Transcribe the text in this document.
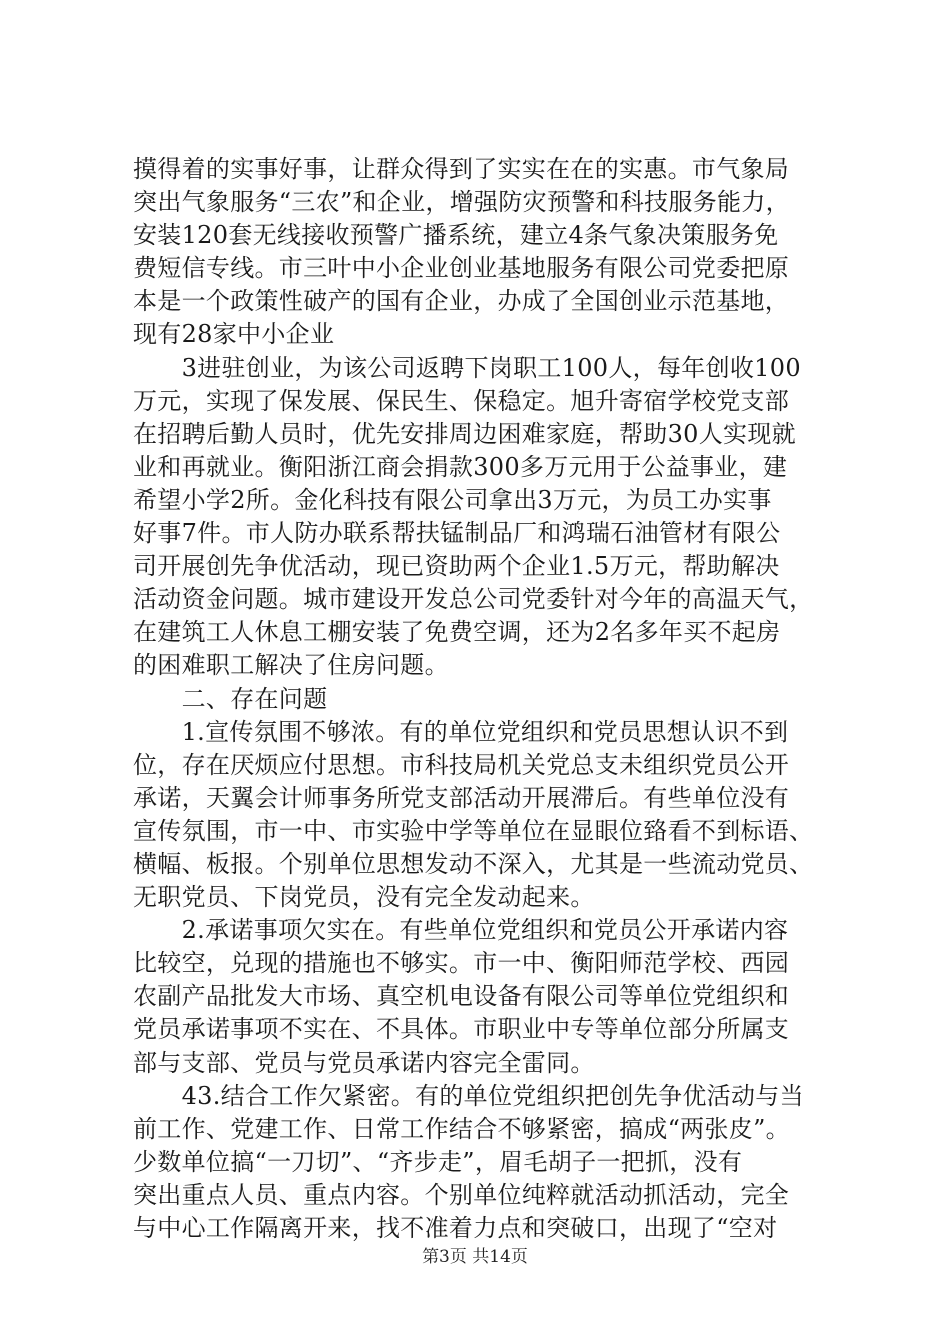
摸得着的实事好事，让群众得到了实实在在的实惠。市气象局
突出气象服务“三农”和企业，增强防灾预警和科技服务能力，
安装120套无线接收预警广播系统，建立4条气象决策服务免
费短信专线。市三叶中小企业创业基地服务有限公司党委把原
本是一个政策性破产的国有企业，办成了全国创业示范基地，
现有28家中小企业
　　3进驻创业，为该公司返聘下岗职工100人，每年创收100
万元，实现了保发展、保民生、保稳定。旭升寄宿学校党支部
在招聘后勤人员时，优先安排周边困难家庭，帮助30人实现就
业和再就业。衡阳浙江商会捐款300多万元用于公益事业，建
希望小学2所。金化科技有限公司拿出3万元，为员工办实事
好事7件。市人防办联系帮扶锰制品厂和鸿瑞石油管材有限公
司开展创先争优活动，现已资助两个企业1.5万元，帮助解决
活动资金问题。城市建设开发总公司党委针对今年的高温天气，
在建筑工人休息工棚安装了免费空调，还为2名多年买不起房
的困难职工解决了住房问题。
　　二、存在问题
　　1.宣传氛围不够浓。有的单位党组织和党员思想认识不到
位，存在厌烦应付思想。市科技局机关党总支未组织党员公开
承诺，天翼会计师事务所党支部活动开展滞后。有些单位没有
宣传氛围，市一中、市实验中学等单位在显眼位臵看不到标语、
横幅、板报。个别单位思想发动不深入，尤其是一些流动党员、
无职党员、下岗党员，没有完全发动起来。
　　2.承诺事项欠实在。有些单位党组织和党员公开承诺内容
比较空，兑现的措施也不够实。市一中、衡阳师范学校、西园
农副产品批发大市场、真空机电设备有限公司等单位党组织和
党员承诺事项不实在、不具体。市职业中专等单位部分所属支
部与支部、党员与党员承诺内容完全雷同。
　　43.结合工作欠紧密。有的单位党组织把创先争优活动与当
前工作、党建工作、日常工作结合不够紧密，搞成“两张皮”。
少数单位搞“一刀切”、“齐步走”，眉毛胡子一把抓，没有
突出重点人员、重点内容。个别单位纯粹就活动抓活动，完全
与中心工作隔离开来，找不准着力点和突破口，出现了“空对
第3页 共14页
